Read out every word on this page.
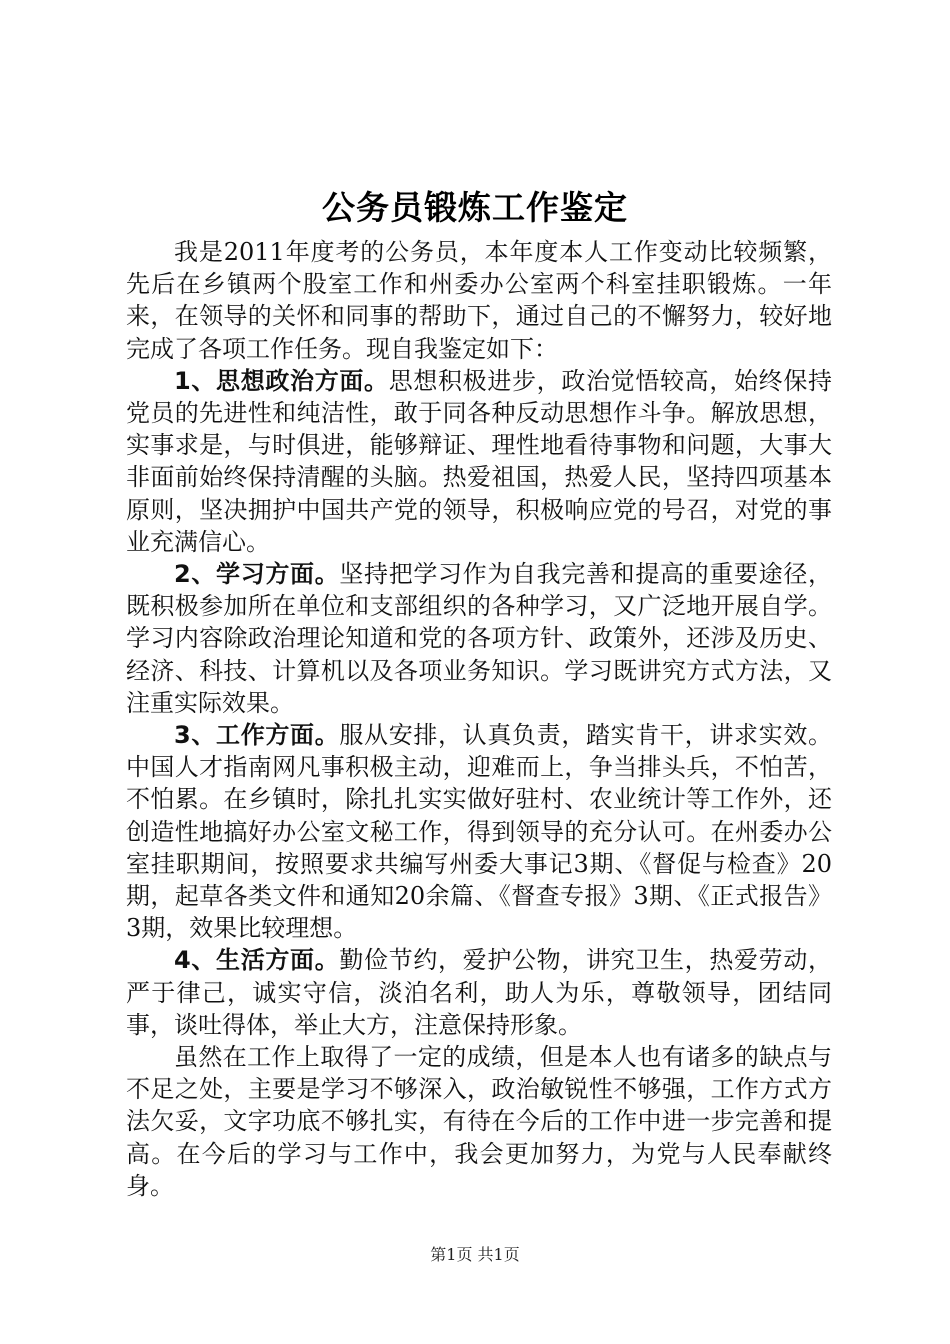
公务员锻炼工作鉴定

我是2011年度考的公务员，本年度本人工作变动比较频繁，先后在乡镇两个股室工作和州委办公室两个科室挂职锻炼。一年来，在领导的关怀和同事的帮助下，通过自己的不懈努力，较好地完成了各项工作任务。现自我鉴定如下：

1、思想政治方面。思想积极进步，政治觉悟较高，始终保持党员的先进性和纯洁性，敢于同各种反动思想作斗争。解放思想，实事求是，与时俱进，能够辩证、理性地看待事物和问题，大事大非面前始终保持清醒的头脑。热爱祖国，热爱人民，坚持四项基本原则，坚决拥护中国共产党的领导，积极响应党的号召，对党的事业充满信心。

2、学习方面。坚持把学习作为自我完善和提高的重要途径，既积极参加所在单位和支部组织的各种学习，又广泛地开展自学。学习内容除政治理论知道和党的各项方针、政策外，还涉及历史、经济、科技、计算机以及各项业务知识。学习既讲究方式方法，又注重实际效果。

3、工作方面。服从安排，认真负责，踏实肯干，讲求实效。中国人才指南网凡事积极主动，迎难而上，争当排头兵，不怕苦，不怕累。在乡镇时，除扎扎实实做好驻村、农业统计等工作外，还创造性地搞好办公室文秘工作，得到领导的充分认可。在州委办公室挂职期间，按照要求共编写州委大事记3期、《督促与检查》20期，起草各类文件和通知20余篇、《督查专报》3期、《正式报告》3期，效果比较理想。

4、生活方面。勤俭节约，爱护公物，讲究卫生，热爱劳动，严于律己，诚实守信，淡泊名利，助人为乐，尊敬领导，团结同事，谈吐得体，举止大方，注意保持形象。

虽然在工作上取得了一定的成绩，但是本人也有诸多的缺点与不足之处，主要是学习不够深入，政治敏锐性不够强，工作方式方法欠妥，文字功底不够扎实，有待在今后的工作中进一步完善和提高。在今后的学习与工作中，我会更加努力，为党与人民奉献终身。

第1页 共1页
